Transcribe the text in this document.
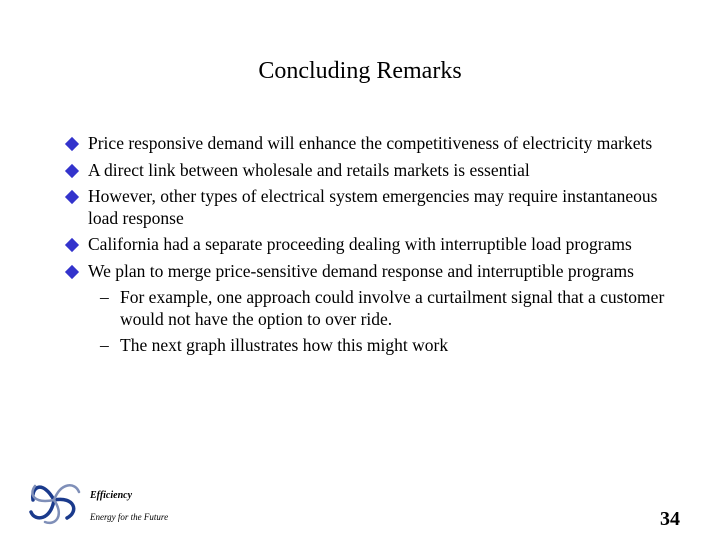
Concluding Remarks
Price responsive demand will enhance the competitiveness of electricity markets
A direct link between wholesale and retails markets is essential
However, other types of electrical system emergencies may require instantaneous load response
California had a separate proceeding dealing with interruptible load programs
We plan to merge price-sensitive demand response and interruptible programs
– For example, one approach could involve a curtailment signal that a customer would not have the option to over ride.
– The next graph illustrates how this might work
Efficiency
Energy for the Future	34
